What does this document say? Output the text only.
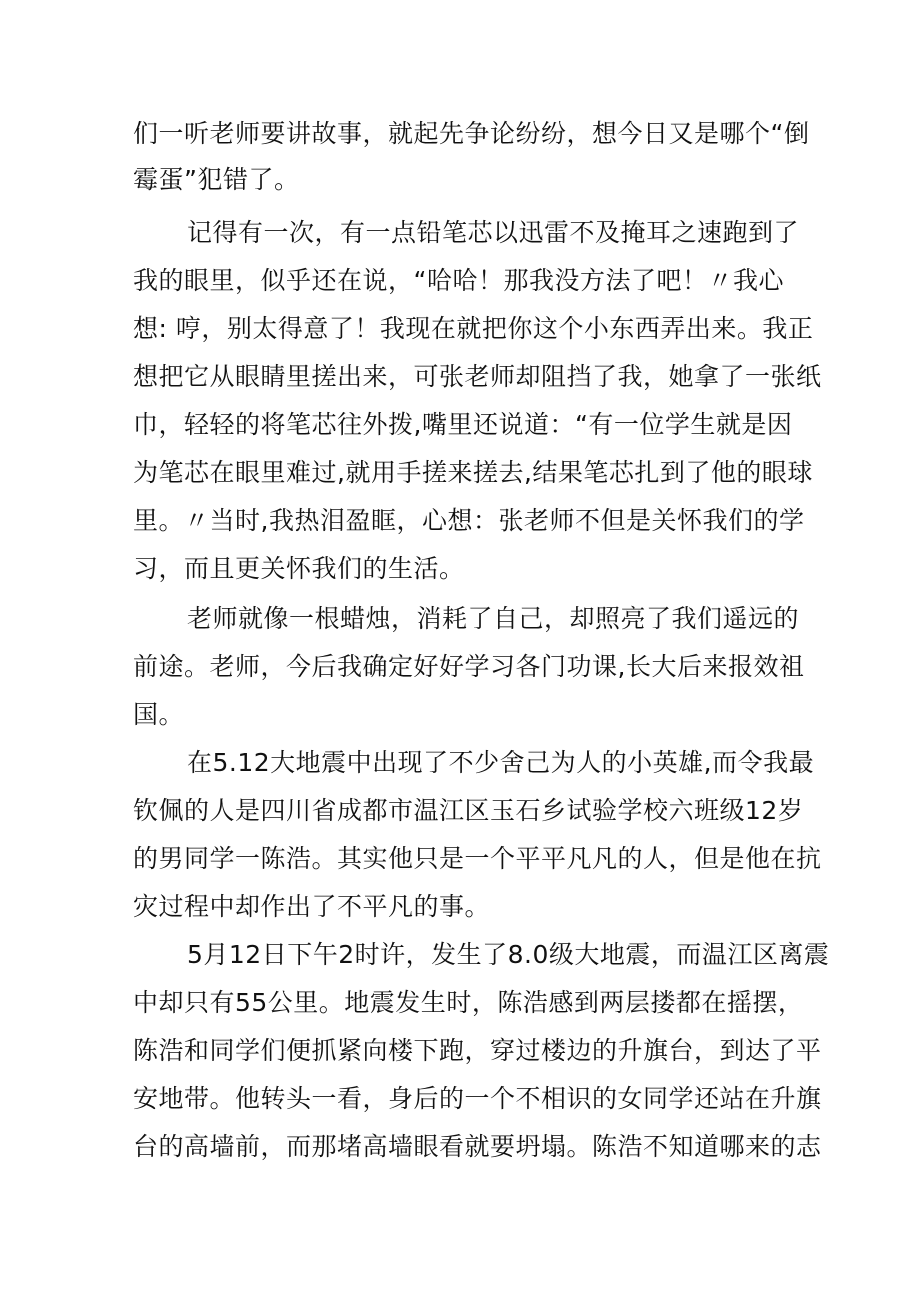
们一听老师要讲故事，就起先争论纷纷，想今日又是哪个“倒
霉蛋”犯错了。
记得有一次，有一点铅笔芯以迅雷不及掩耳之速跑到了
我的眼里，似乎还在说，“哈哈！那我没方法了吧！〃我心
想: 哼，别太得意了！我现在就把你这个小东西弄出来。我正
想把它从眼睛里搓出来，可张老师却阻挡了我，她拿了一张纸
巾，轻轻的将笔芯往外拨,嘴里还说道：“有一位学生就是因
为笔芯在眼里难过,就用手搓来搓去,结果笔芯扎到了他的眼球
里。〃当时,我热泪盈眶，心想：张老师不但是关怀我们的学
习，而且更关怀我们的生活。
老师就像一根蜡烛，消耗了自己，却照亮了我们遥远的
前途。老师，今后我确定好好学习各门功课,长大后来报效祖
国。
在5.12大地震中出现了不少舍己为人的小英雄,而令我最
钦佩的人是四川省成都市温江区玉石乡试验学校六班级12岁
的男同学一陈浩。其实他只是一个平平凡凡的人，但是他在抗
灾过程中却作出了不平凡的事。
5月12日下午2时许，发生了8.0级大地震，而温江区离震
中却只有55公里。地震发生时，陈浩感到两层搂都在摇摆，
陈浩和同学们便抓紧向楼下跑，穿过楼边的升旗台，到达了平
安地带。他转头一看，身后的一个不相识的女同学还站在升旗
台的高墙前，而那堵高墙眼看就要坍塌。陈浩不知道哪来的志
